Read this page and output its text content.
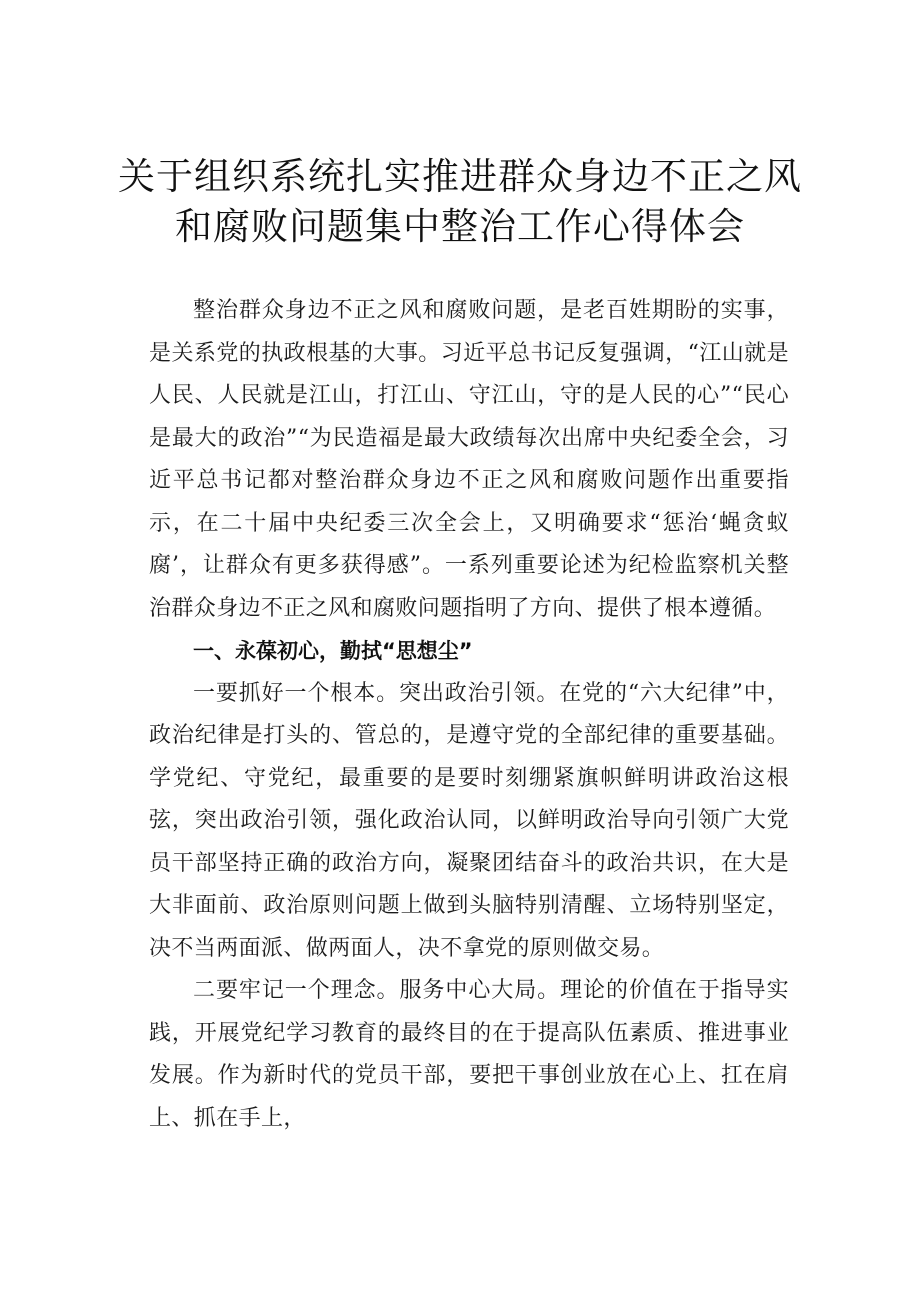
关于组织系统扎实推进群众身边不正之风
和腐败问题集中整治工作心得体会

整治群众身边不正之风和腐败问题，是老百姓期盼的实事，是关系党的执政根基的大事。习近平总书记反复强调，“江山就是人民、人民就是江山，打江山、守江山，守的是人民的心”“民心是最大的政治”“为民造福是最大政绩每次出席中央纪委全会，习近平总书记都对整治群众身边不正之风和腐败问题作出重要指示，在二十届中央纪委三次全会上，又明确要求“惩治‘蝇贪蚁腐’，让群众有更多获得感”。一系列重要论述为纪检监察机关整治群众身边不正之风和腐败问题指明了方向、提供了根本遵循。

一、永葆初心，勤拭“思想尘”

一要抓好一个根本。突出政治引领。在党的“六大纪律”中，政治纪律是打头的、管总的，是遵守党的全部纪律的重要基础。学党纪、守党纪，最重要的是要时刻绷紧旗帜鲜明讲政治这根弦，突出政治引领，强化政治认同，以鲜明政治导向引领广大党员干部坚持正确的政治方向，凝聚团结奋斗的政治共识，在大是大非面前、政治原则问题上做到头脑特别清醒、立场特别坚定，决不当两面派、做两面人，决不拿党的原则做交易。

二要牢记一个理念。服务中心大局。理论的价值在于指导实践，开展党纪学习教育的最终目的在于提高队伍素质、推进事业发展。作为新时代的党员干部，要把干事创业放在心上、扛在肩上、抓在手上，
